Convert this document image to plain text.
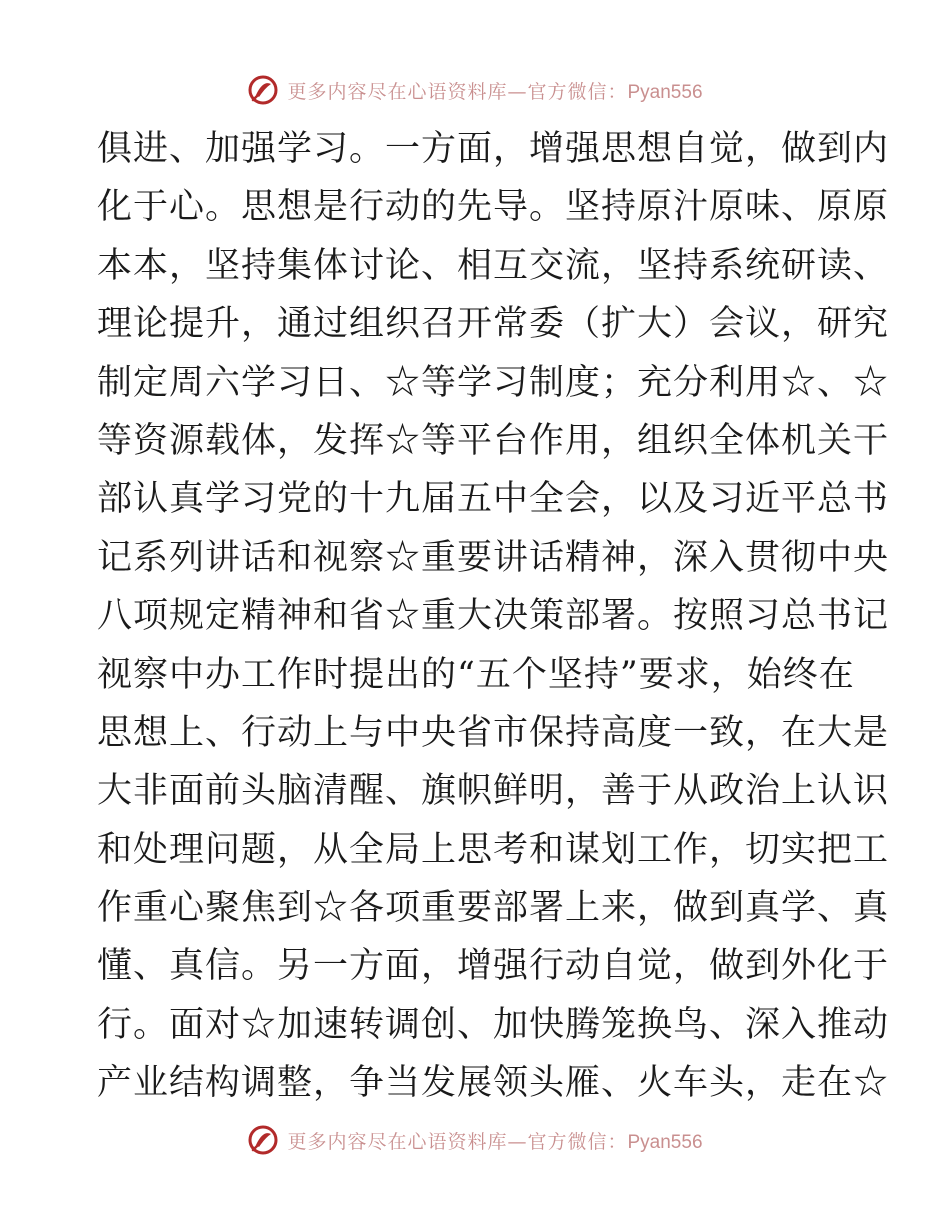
更多内容尽在心语资料库—官方微信：Pyan556
俱进、加强学习。一方面，增强思想自觉，做到内
化于心。思想是行动的先导。坚持原汁原味、原原
本本，坚持集体讨论、相互交流，坚持系统研读、
理论提升，通过组织召开常委（扩大）会议，研究
制定周六学习日、☆等学习制度；充分利用☆、☆
等资源载体，发挥☆等平台作用，组织全体机关干
部认真学习党的十九届五中全会，以及习近平总书
记系列讲话和视察☆重要讲话精神，深入贯彻中央
八项规定精神和省☆重大决策部署。按照习总书记
视察中办工作时提出的“五个坚持”要求，始终在
思想上、行动上与中央省市保持高度一致，在大是
大非面前头脑清醒、旗帜鲜明，善于从政治上认识
和处理问题，从全局上思考和谋划工作，切实把工
作重心聚焦到☆各项重要部署上来，做到真学、真
懂、真信。另一方面，增强行动自觉，做到外化于
行。面对☆加速转调创、加快腾笼换鸟、深入推动
产业结构调整，争当发展领头雁、火车头，走在☆
更多内容尽在心语资料库—官方微信：Pyan556
